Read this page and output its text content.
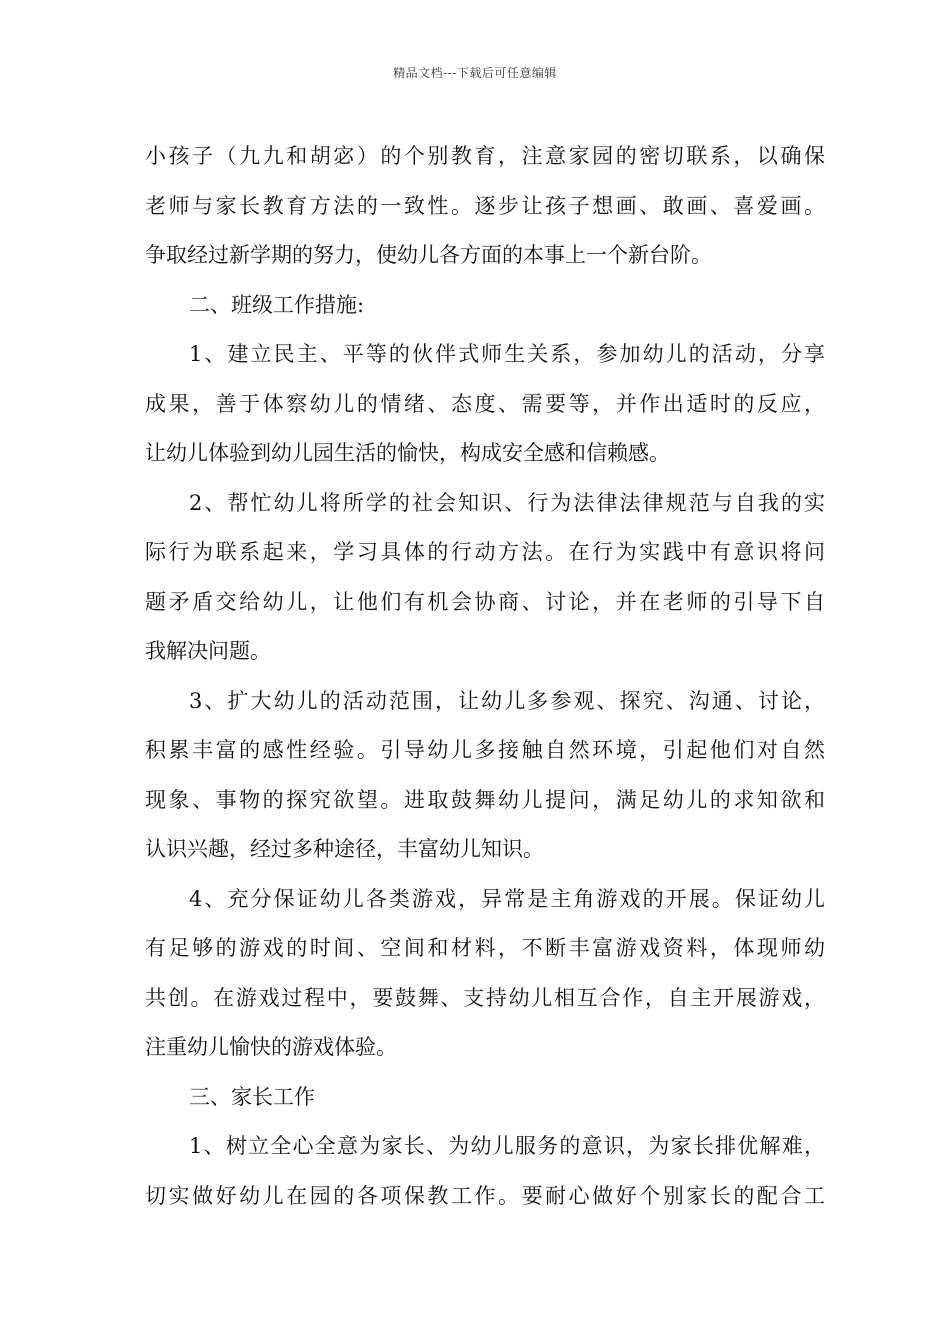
精品文档---下载后可任意编辑
小孩子（九九和胡宓）的个别教育，注意家园的密切联系，以确保
老师与家长教育方法的一致性。逐步让孩子想画、敢画、喜爱画。
争取经过新学期的努力，使幼儿各方面的本事上一个新台阶。
二、班级工作措施:
1、建立民主、平等的伙伴式师生关系，参加幼儿的活动，分享
成果，善于体察幼儿的情绪、态度、需要等，并作出适时的反应，
让幼儿体验到幼儿园生活的愉快，构成安全感和信赖感。
2、帮忙幼儿将所学的社会知识、行为法律法律规范与自我的实
际行为联系起来，学习具体的行动方法。在行为实践中有意识将问
题矛盾交给幼儿，让他们有机会协商、讨论，并在老师的引导下自
我解决问题。
3、扩大幼儿的活动范围，让幼儿多参观、探究、沟通、讨论，
积累丰富的感性经验。引导幼儿多接触自然环境，引起他们对自然
现象、事物的探究欲望。进取鼓舞幼儿提问，满足幼儿的求知欲和
认识兴趣，经过多种途径，丰富幼儿知识。
4、充分保证幼儿各类游戏，异常是主角游戏的开展。保证幼儿
有足够的游戏的时间、空间和材料，不断丰富游戏资料，体现师幼
共创。在游戏过程中，要鼓舞、支持幼儿相互合作，自主开展游戏，
注重幼儿愉快的游戏体验。
三、家长工作
1、树立全心全意为家长、为幼儿服务的意识，为家长排优解难，
切实做好幼儿在园的各项保教工作。要耐心做好个别家长的配合工
